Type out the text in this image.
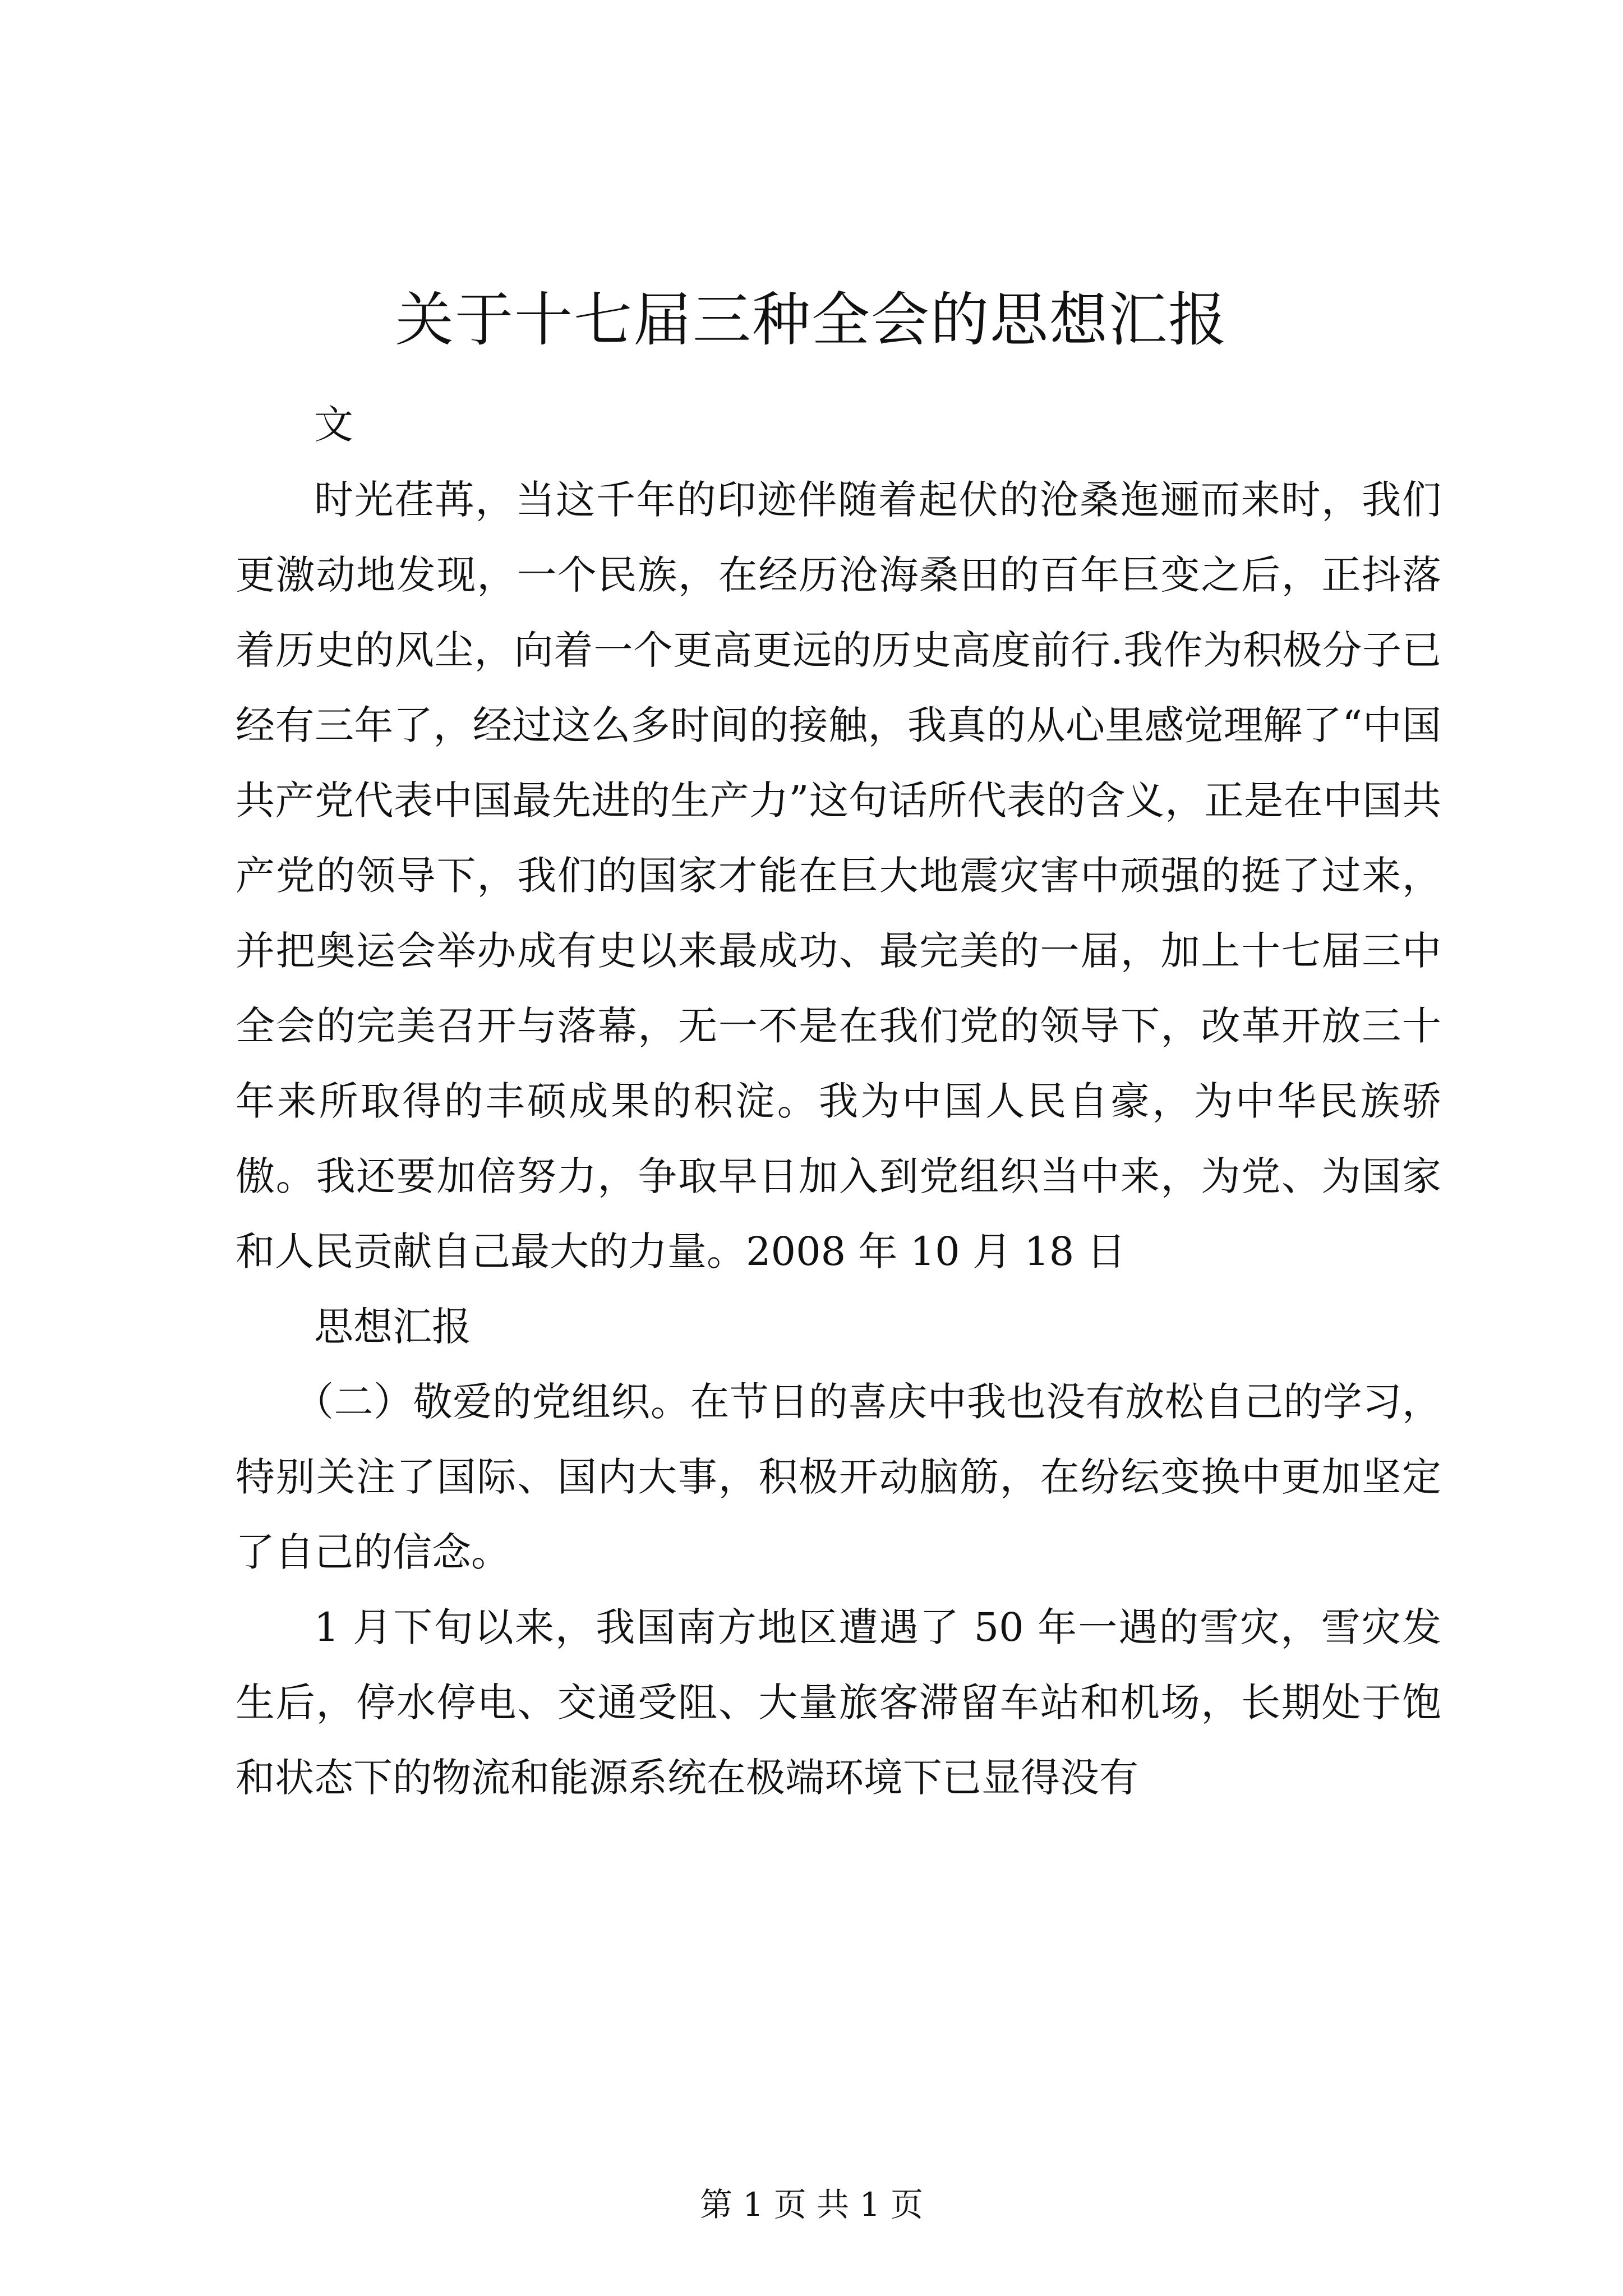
关于十七届三种全会的思想汇报

文

时光荏苒，当这千年的印迹伴随着起伏的沧桑迤逦而来时，我们更激动地发现，一个民族，在经历沧海桑田的百年巨变之后，正抖落着历史的风尘，向着一个更高更远的历史高度前行.我作为积极分子已经有三年了，经过这么多时间的接触，我真的从心里感觉理解了“中国共产党代表中国最先进的生产力”这句话所代表的含义，正是在中国共产党的领导下，我们的国家才能在巨大地震灾害中顽强的挺了过来，并把奥运会举办成有史以来最成功、最完美的一届，加上十七届三中全会的完美召开与落幕，无一不是在我们党的领导下，改革开放三十年来所取得的丰硕成果的积淀。我为中国人民自豪，为中华民族骄傲。我还要加倍努力，争取早日加入到党组织当中来，为党、为国家和人民贡献自己最大的力量。2008 年 10 月 18 日

思想汇报

（二）敬爱的党组织。在节日的喜庆中我也没有放松自己的学习，特别关注了国际、国内大事，积极开动脑筋，在纷纭变换中更加坚定了自己的信念。

1 月下旬以来，我国南方地区遭遇了 50 年一遇的雪灾，雪灾发生后，停水停电、交通受阻、大量旅客滞留车站和机场，长期处于饱和状态下的物流和能源系统在极端环境下已显得没有

第 1 页 共 1 页
